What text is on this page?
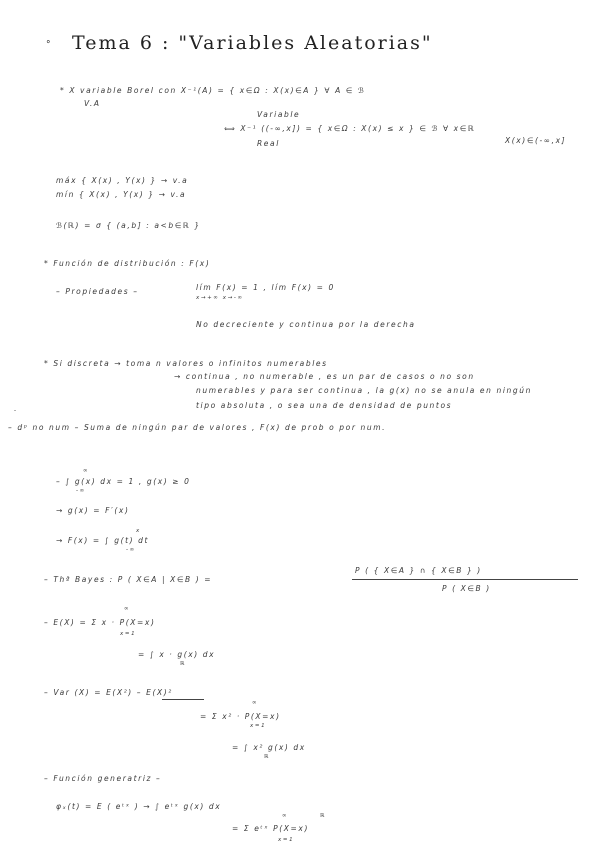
° Tema 6 : "Variables Aleatorias"
* X variable Borel con X⁻¹(A) = { x∈Ω : X(x)∈A } ∀ A ∈ ℬ
V.A
Variable
⟺ X⁻¹ ((-∞,x]) = { x∈Ω : X(x) ≤ x } ∈ ℬ ∀ x∈ℝ
Real	X(x)∈(-∞,x]
máx { X(x) , Y(x) } → v.a
mín { X(x) , Y(x) } → v.a
ℬ(ℝ) = σ { (a,b] : a<b∈ℝ }
* Función de distribución : F(x)
– Propiedades –	lím F(x) = 1 , lím F(x) = 0
x→+∞ x→-∞
No decreciente y continua por la derecha
* Si discreta → toma n valores o infinitos numerables
→ continua , no numerable , es un par de casos o no son
numerables y para ser continua , la g(x) no se anula en ningún
tipo absoluta , o sea una de densidad de puntos
– dᵖ no num – Suma de ningún par de valores , F(x) de prob o por num.
– ∫ g(x) dx = 1 , g(x) ≥ 0
-∞
∞
→ g(x) = F′(x)
→ F(x) = ∫ g(t) dt
-∞
x
– Thª Bayes : P ( X∈A | X∈B ) =
P ( { X∈A } ∩ { X∈B } )
P ( X∈B )
– E(X) = Σ x · P(X=x)
x=1
∞
= ∫ x · g(x) dx
ℝ
– Var (X) = E(X²) – E(X)²
= Σ x² · P(X=x)
x=1
∞
= ∫ x² g(x) dx
ℝ
– Función generatriz –
φₓ(t) = E ( eᵗˣ ) → ∫ eᵗˣ g(x) dx
ℝ
= Σ eᵗˣ P(X=x)
x=1
∞
-
